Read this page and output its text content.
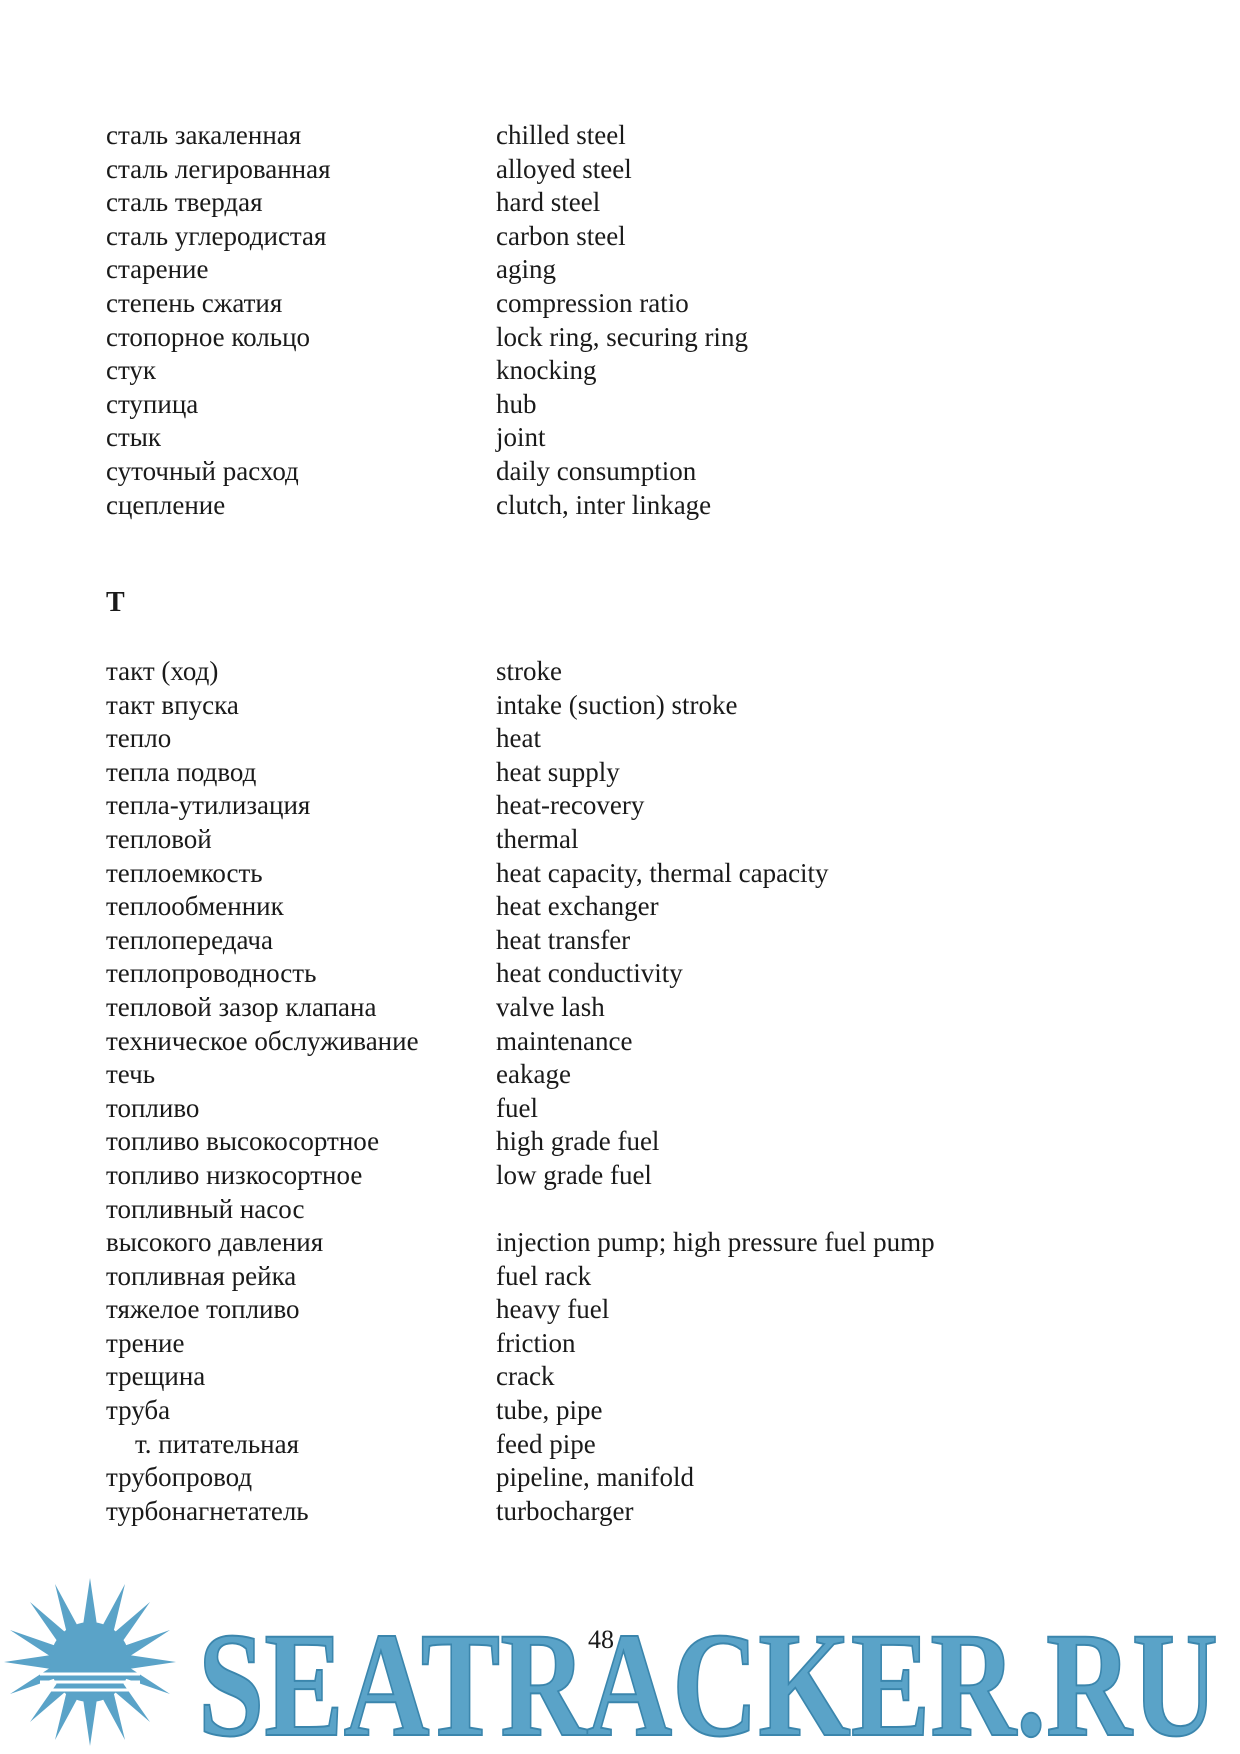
сталь закаленная	chilled steel
сталь легированная	alloyed steel
сталь твердая	hard steel
сталь углеродистая	carbon steel
старение	aging
степень сжатия	compression ratio
стопорное кольцо	lock ring, securing ring
стук	knocking
ступица	hub
стык	joint
суточный расход	daily consumption
сцепление	clutch, inter linkage
Т
такт (ход)	stroke
такт впуска	intake (suction) stroke
тепло	heat
тепла подвод	heat supply
тепла-утилизация	heat-recovery
тепловой	thermal
теплоемкость	heat capacity, thermal capacity
теплообменник	heat exchanger
теплопередача	heat transfer
теплопроводность	heat conductivity
тепловой зазор клапана	valve lash
техническое обслуживание	maintenance
течь	eakage
топливо	fuel
топливо высокосортное	high grade fuel
топливо низкосортное	low grade fuel
топливный насос
высокого давления	injection pump; high pressure fuel pump
топливная рейка	fuel rack
тяжелое топливо	heavy fuel
трение	friction
трещина	crack
труба	tube, pipe
т. питательная	feed pipe
трубопровод	pipeline, manifold
турбонагнетатель	turbocharger
SEATRACKER.RU
48
